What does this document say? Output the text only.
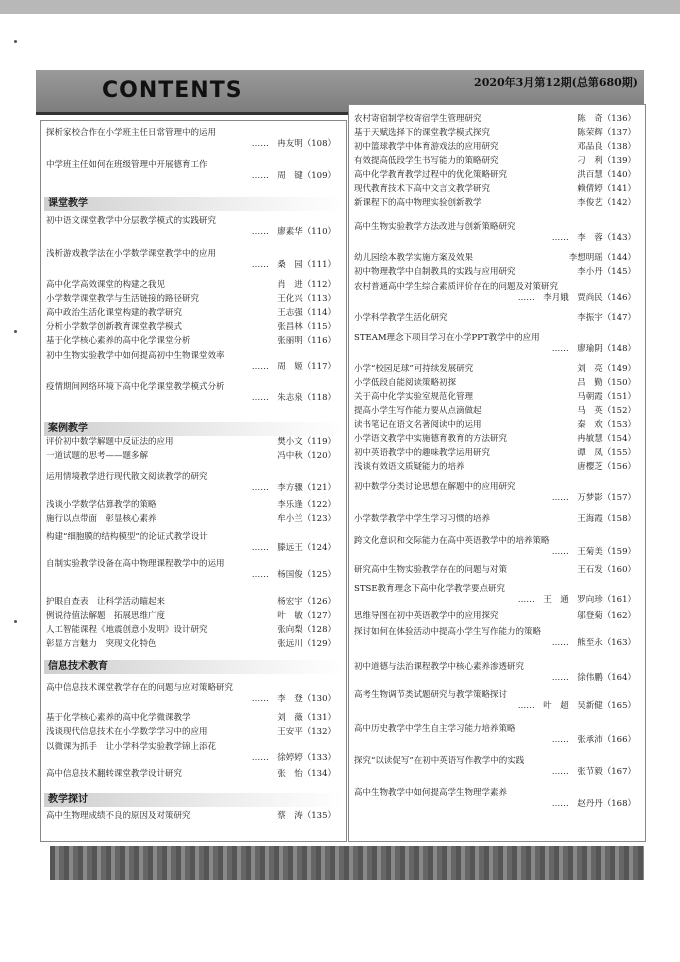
CONTENTS	2020年3月第12期(总第680期)
探析家校合作在小学班主任日常管理中的运用
……　冉友明（108）
中学班主任如何在班级管理中开展德育工作
……　周　键（109）
课堂教学
初中语文课堂教学中分层教学模式的实践研究
……　廖素华（110）
浅析游戏教学法在小学数学课堂教学中的应用
……　桑　园（111）
高中化学高效课堂的构建之我见	肖　进（112）
小学数学课堂教学与生活链接的路径研究	王化兴（113）
高中政治生活化课堂构建的教学研究	王志强（114）
分析小学数学创新教育课堂教学模式	张昌林（115）
基于化学核心素养的高中化学课堂分析	张丽明（116）
初中生物实验教学中如何提高初中生物课堂效率
……　周　姬（117）
疫情期间网络环境下高中化学课堂教学模式分析
……　朱志泉（118）
案例教学
评价初中数学解题中反证法的应用	樊小文（119）
一道试题的思考——题多解	冯中秋（120）
运用情境教学进行现代散文阅读教学的研究
……　李方骤（121）
浅谈小学数学估算教学的策略	李乐逢（122）
施行以点带面　彰显核心素养	牟小兰（123）
构建“细胞膜的结构模型”的论证式教学设计
……　滕远王（124）
自制实验教学设备在高中物理课程教学中的运用
……　杨国俊（125）
护眼自查表　让科学活动瞄起来	杨宏宇（126）
例说待值法解题　拓展思维广度	叶　敏（127）
人工智能课程《地震创意小发明》设计研究	张向梨（128）
彰显方言魅力　突现文化特色	张远川（129）
信息技术教育
高中信息技术课堂教学存在的问题与应对策略研究
……　李　登（130）
基于化学核心素养的高中化学微课教学	刘　薇（131）
浅谈现代信息技术在小学数学学习中的应用	王安平（132）
以微课为抓手　让小学科学实验教学锦上添花
……　徐婷婷（133）
高中信息技术翻转课堂教学设计研究	张　怡（134）
教学探讨
高中生物理成绩不良的原因及对策研究	蔡　涛（135）
农村寄宿制学校寄宿学生管理研究	陈　奇（136）
基于天赋选择下的课堂教学模式探究	陈荣辉（137）
初中篮球教学中体育游戏法的应用研究	邓品良（138）
有效提高低段学生书写能力的策略研究	刁　利（139）
高中化学教育教学过程中的优化策略研究	洪百慧（140）
现代教育技术下高中文言文教学研究	赖倩婷（141）
新课程下的高中物理实验创新教学	李俊艺（142）
高中生物实验教学方法改进与创新策略研究
……　李　蓉（143）
幼儿园绘本教学实施方案及效果	李想明瑶（144）
初中物理教学中自制教具的实践与应用研究	李小丹（145）
农村普通高中学生综合素质评价存在的问题及对策研究
……　李月娥　贾尚民（146）
小学科学教学生活化研究	李振宇（147）
STEAM理念下项目学习在小学PPT教学中的应用
……　廖瑜阴（148）
小学“校园足球”可持续发展研究	刘　亮（149）
小学低段自能阅读策略初探	吕　勤（150）
关于高中化学实验室规范化管理	马朝霞（151）
提高小学生写作能力要从点滴做起	马　英（152）
读书笔记在语文名著阅读中的运用	秦　欢（153）
小学语文教学中实施德育教育的方法研究	冉敏慧（154）
初中英语教学中的趣味教学运用研究	谭　凤（155）
浅谈有效语文质疑能力的培养	唐樱芝（156）
初中数学分类讨论思想在解题中的应用研究
……　万梦影（157）
小学数学教学中学生学习习惯的培养	王海霞（158）
跨文化意识和交际能力在高中英语教学中的培养策略
……　王菊美（159）
研究高中生物实验教学存在的问题与对策	王石发（160）
STSE教育理念下高中化学教学要点研究
……　王　通　罗向珍（161）
思维导图在初中英语教学中的应用探究	邬登菊（162）
探讨如何在体验活动中提高小学生写作能力的策略
……　熊至永（163）
初中道德与法治课程教学中核心素养渗透研究
……　徐伟鹏（164）
高考生物调节类试题研究与教学策略探讨
……　叶　超　吴新健（165）
高中历史教学中学生自主学习能力培养策略
……　张承沛（166）
探究“以读促写”在初中英语写作教学中的实践
……　张节毅（167）
高中生物教学中如何提高学生物理学素养
……　赵丹丹（168）
